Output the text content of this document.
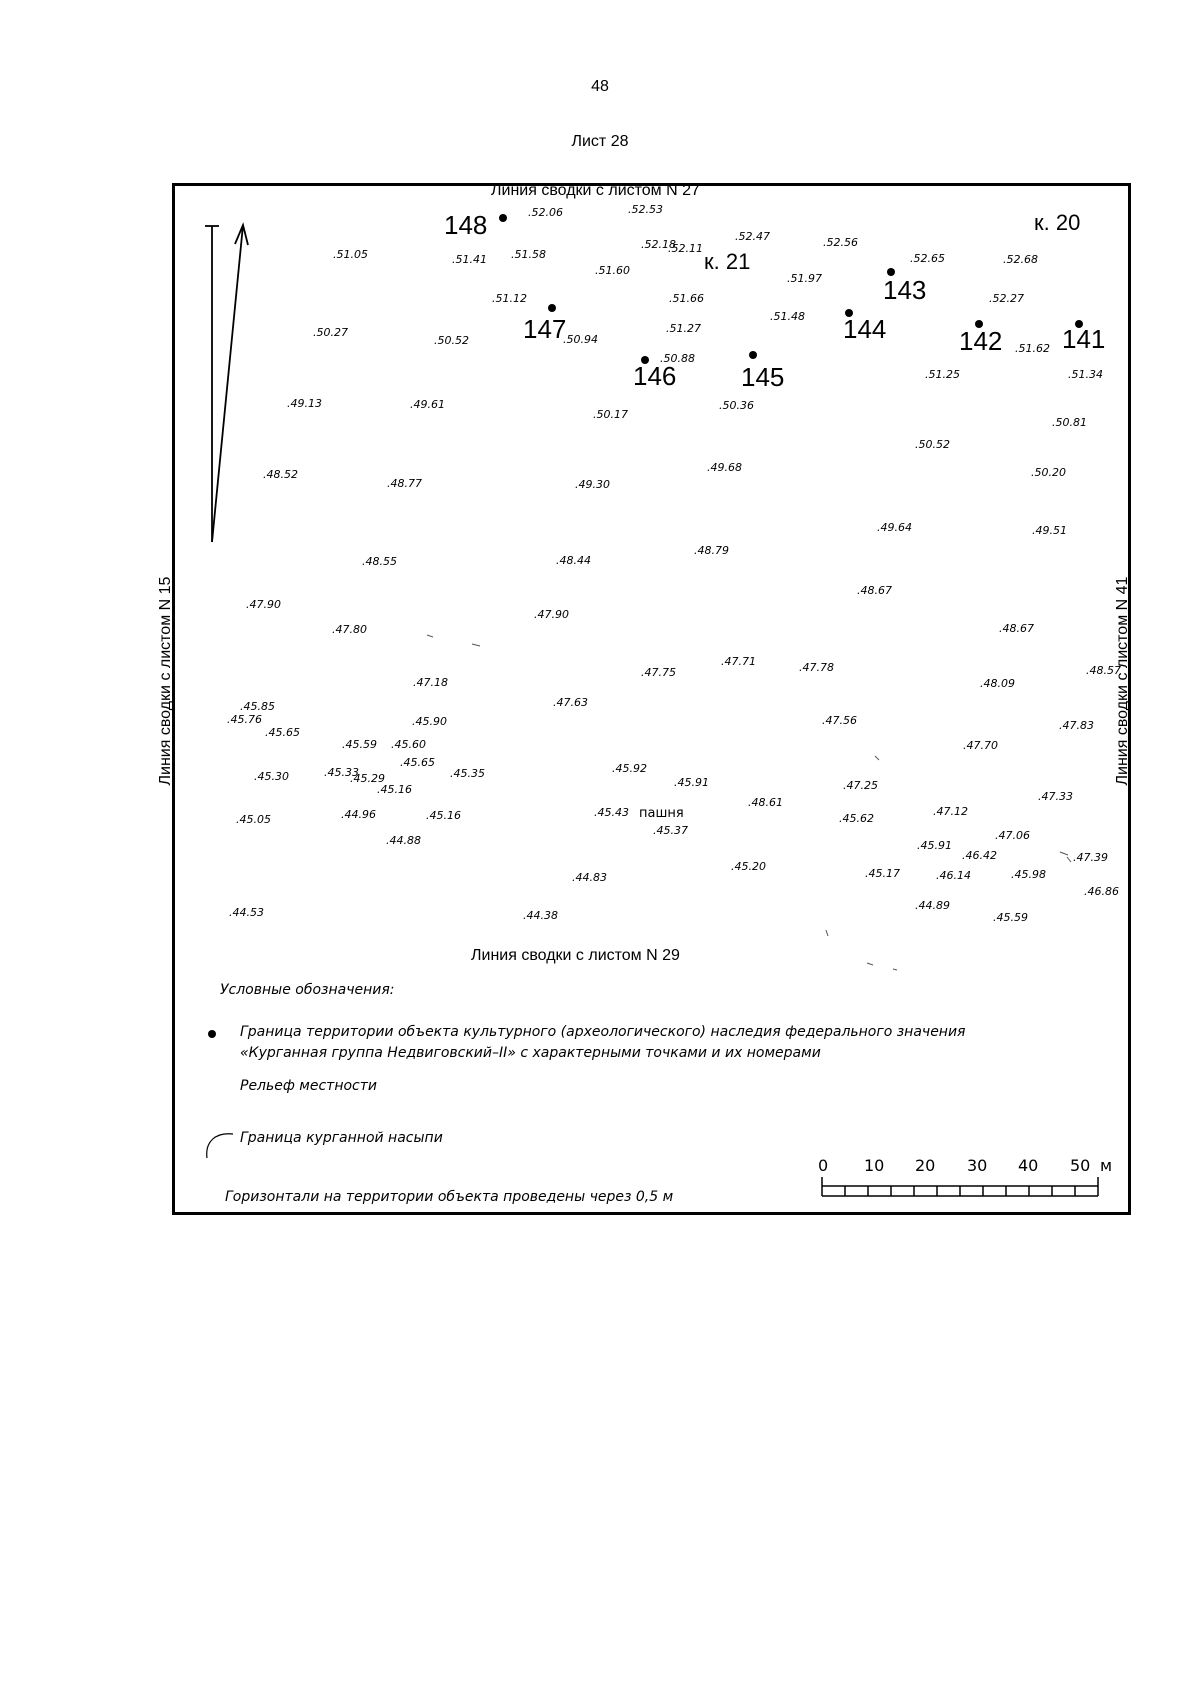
48
Лист 28
Линия сводки с листом N 27
Линия сводки с листом N 29
Линия сводки с листом N 15	Линия сводки с листом N 41
. 52.06	. 52.53
. 51.05	. 51.41	. 51.58
. 52.18
. 52.11
. 52.47	. 52.56
. 51.60
. 51.97
. 52.65	. 52.68
. 51.12	. 51.66	. 52.27
. 50.27
. 50.52	. 50.94
. 51.27
. 51.48
. 50.88
. 51.62
. 51.25	. 51.34
. 49.13	. 49.61
. 50.17
. 50.36
. 50.81
. 50.52
. 48.52
. 48.77	. 49.30
. 49.68	. 50.20
. 49.64
. 48.55	. 48.44
. 48.79
. 49.51
. 47.90
. 47.90
. 48.67
. 47.80	. 48.67
. 47.18
. 47.75
. 47.71	. 47.78	. 48.57
. 48.09
. 45.85	. 47.63
. 45.76
. 45.65
. 45.90	. 47.56	. 47.83
. 45.59	. 45.60	. 47.70
. 45.65	. 45.92
. 45.30	. 45.33
. 45.29	. 45.35
. 45.91	. 47.25
. 45.16
. 48.61	. 47.33
. 45.43	. 45.62
. 47.12
. 45.05	. 44.96	. 45.16
. 45.37	. 47.06
. 44.88	. 45.91
. 46.42	. 47.39
. 45.20
. 44.83	. 45.17	. 46.14	. 45.98
. 46.86
. 44.89
. 44.53	. 44.38	. 45.59
148
147
146 145
144
143
142 141
к. 20
к. 21
пашня
Условные обозначения:
Граница территории объекта культурного (археологического) наследия федерального значения
«Курганная группа Недвиговский–II» с характерными точками и их номерами
Рельеф местности
Граница курганной насыпи
Горизонтали на территории объекта проведены через 0,5 м
0 10 20 30 40 50 м
